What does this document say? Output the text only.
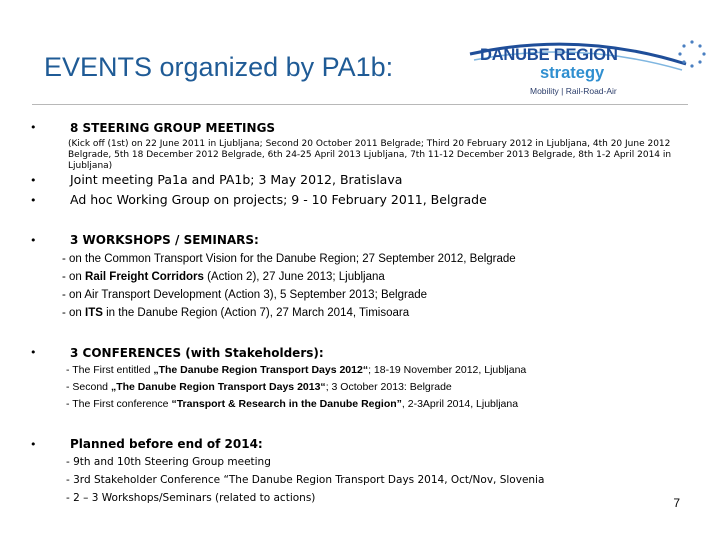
EVENTS organized by PA1b:	DANUBE REGION
strategy
Mobility | Rail-Road-Air
•	8 STEERING GROUP MEETINGS
(Kick off (1st) on 22 June 2011 in Ljubljana; Second 20 October 2011 Belgrade; Third 20 February 2012 in Ljubljana, 4th 20 June 2012 Belgrade, 5th 18 December 2012 Belgrade, 6th 24-25 April 2013 Ljubljana, 7th 11-12 December 2013 Belgrade, 8th 1-2 April 2014 in Ljubljana)
•	Joint meeting Pa1a and PA1b; 3 May 2012, Bratislava
•	Ad hoc Working Group on projects; 9 - 10 February 2011, Belgrade
•	3 WORKSHOPS / SEMINARS:
- on the Common Transport Vision for the Danube Region; 27 September 2012, Belgrade
- on Rail Freight Corridors (Action 2), 27 June 2013; Ljubljana
- on Air Transport Development (Action 3), 5 September 2013; Belgrade
- on ITS in the Danube Region (Action 7), 27 March 2014, Timisoara
•	3 CONFERENCES (with Stakeholders):
- The First entitled „The Danube Region Transport Days 2012“; 18-19 November 2012, Ljubljana
- Second „The Danube Region Transport Days 2013“; 3 October 2013: Belgrade
- The First conference “Transport & Research in the Danube Region”, 2-3April 2014, Ljubljana
•	Planned before end of 2014:
- 9th and 10th Steering Group meeting
- 3rd Stakeholder Conference “The Danube Region Transport Days 2014, Oct/Nov, Slovenia
- 2 – 3 Workshops/Seminars (related to actions)	7
